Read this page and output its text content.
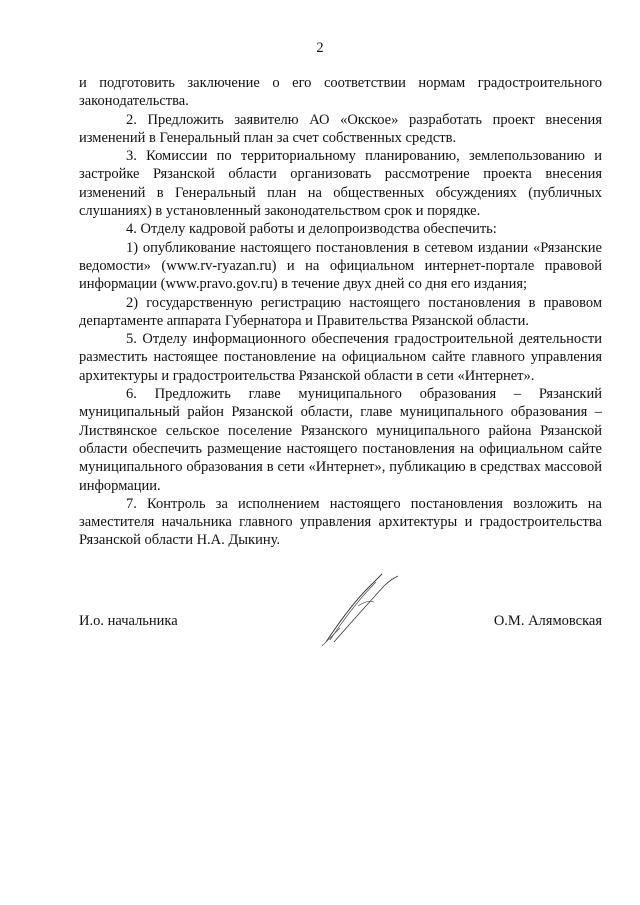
2

и подготовить заключение о его соответствии нормам градостроительного законодательства.

2. Предложить заявителю АО «Окское» разработать проект внесения изменений в Генеральный план за счет собственных средств.

3. Комиссии по территориальному планированию, землепользованию и застройке Рязанской области организовать рассмотрение проекта внесения изменений в Генеральный план на общественных обсуждениях (публичных слушаниях) в установленный законодательством срок и порядке.

4. Отделу кадровой работы и делопроизводства обеспечить:

1) опубликование настоящего постановления в сетевом издании «Рязанские ведомости» (www.rv-ryazan.ru) и на официальном интернет-портале правовой информации (www.pravo.gov.ru) в течение двух дней со дня его издания;

2) государственную регистрацию настоящего постановления в правовом департаменте аппарата Губернатора и Правительства Рязанской области.

5. Отделу информационного обеспечения градостроительной деятельности разместить настоящее постановление на официальном сайте главного управления архитектуры и градостроительства Рязанской области в сети «Интернет».

6. Предложить главе муниципального образования – Рязанский муниципальный район Рязанской области, главе муниципального образования – Листвянское сельское поселение Рязанского муниципального района Рязанской области обеспечить размещение настоящего постановления на официальном сайте муниципального образования в сети «Интернет», публикацию в средствах массовой информации.

7. Контроль за исполнением настоящего постановления возложить на заместителя начальника главного управления архитектуры и градостроительства Рязанской области Н.А. Дыкину.

И.о. начальника	О.М. Алямовская
